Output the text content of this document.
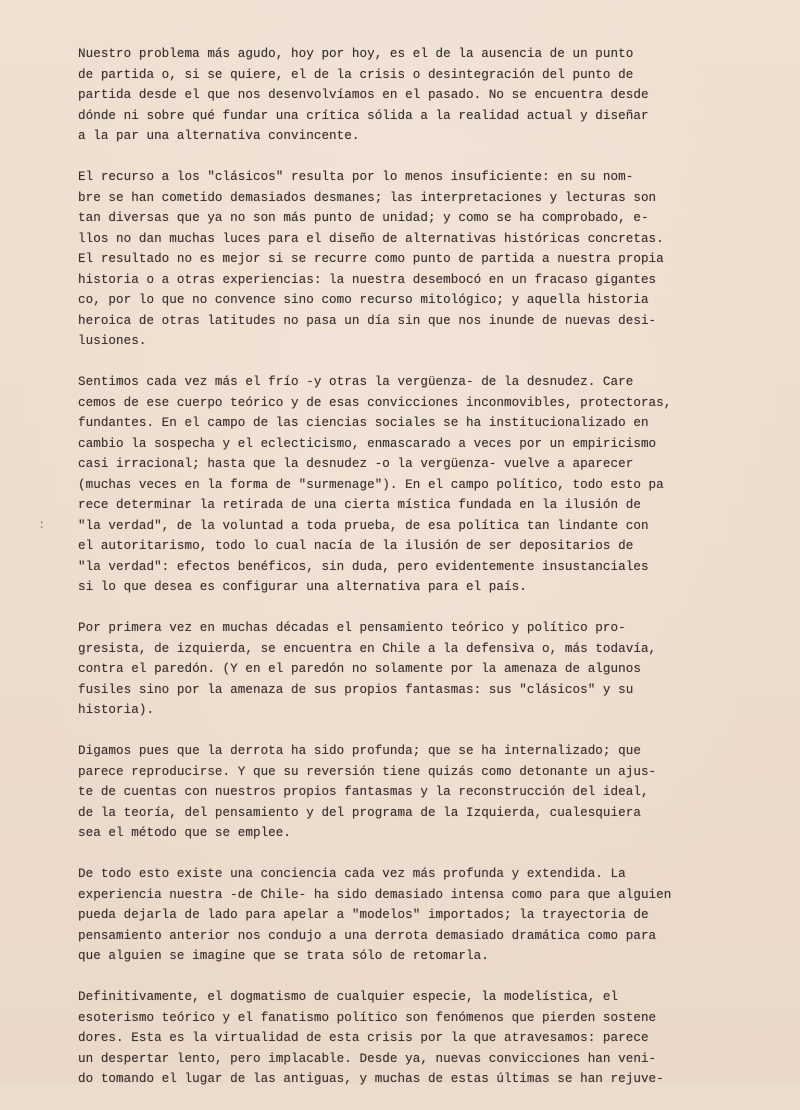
:
Nuestro problema más agudo, hoy por hoy, es el de la ausencia de un punto
de partida o, si se quiere, el de la crisis o desintegración del punto de
partida desde el que nos desenvolvíamos en el pasado. No se encuentra desde
dónde ni sobre qué fundar una crítica sólida a la realidad actual y diseñar
a la par una alternativa convincente.
El recurso a los "clásicos" resulta por lo menos insuficiente: en su nom-
bre se han cometido demasiados desmanes; las interpretaciones y lecturas son
tan diversas que ya no son más punto de unidad; y como se ha comprobado, e-
llos no dan muchas luces para el diseño de alternativas históricas concretas.
El resultado no es mejor si se recurre como punto de partida a nuestra propia
historia o a otras experiencias: la nuestra desembocó en un fracaso gigantes
co, por lo que no convence sino como recurso mitológico; y aquella historia
heroica de otras latitudes no pasa un día sin que nos inunde de nuevas desi-
lusiones.
Sentimos cada vez más el frío -y otras la vergüenza- de la desnudez. Care
cemos de ese cuerpo teórico y de esas convicciones inconmovibles, protectoras,
fundantes. En el campo de las ciencias sociales se ha institucionalizado en
cambio la sospecha y el eclecticismo, enmascarado a veces por un empiricismo
casi irracional; hasta que la desnudez -o la vergüenza- vuelve a aparecer
(muchas veces en la forma de "surmenage"). En el campo político, todo esto pa
rece determinar la retirada de una cierta mística fundada en la ilusión de
"la verdad", de la voluntad a toda prueba, de esa política tan lindante con
el autoritarismo, todo lo cual nacía de la ilusión de ser depositarios de
"la verdad": efectos benéficos, sin duda, pero evidentemente insustanciales
si lo que desea es configurar una alternativa para el país.
Por primera vez en muchas décadas el pensamiento teórico y político pro-
gresista, de izquierda, se encuentra en Chile a la defensiva o, más todavía,
contra el paredón. (Y en el paredón no solamente por la amenaza de algunos
fusiles sino por la amenaza de sus propios fantasmas: sus "clásicos" y su
historia).
Digamos pues que la derrota ha sido profunda; que se ha internalizado; que
parece reproducirse. Y que su reversión tiene quizás como detonante un ajus-
te de cuentas con nuestros propios fantasmas y la reconstrucción del ideal,
de la teoría, del pensamiento y del programa de la Izquierda, cualesquiera
sea el método que se emplee.
De todo esto existe una conciencia cada vez más profunda y extendida. La
experiencia nuestra -de Chile- ha sido demasiado intensa como para que alguien
pueda dejarla de lado para apelar a "modelos" importados; la trayectoria de
pensamiento anterior nos condujo a una derrota demasiado dramática como para
que alguien se imagine que se trata sólo de retomarla.
Definitivamente, el dogmatismo de cualquier especie, la modelística, el
esoterismo teórico y el fanatismo político son fenómenos que pierden sostene
dores. Esta es la virtualidad de esta crisis por la que atravesamos: parece
un despertar lento, pero implacable. Desde ya, nuevas convicciones han veni-
do tomando el lugar de las antiguas, y muchas de estas últimas se han rejuve-
